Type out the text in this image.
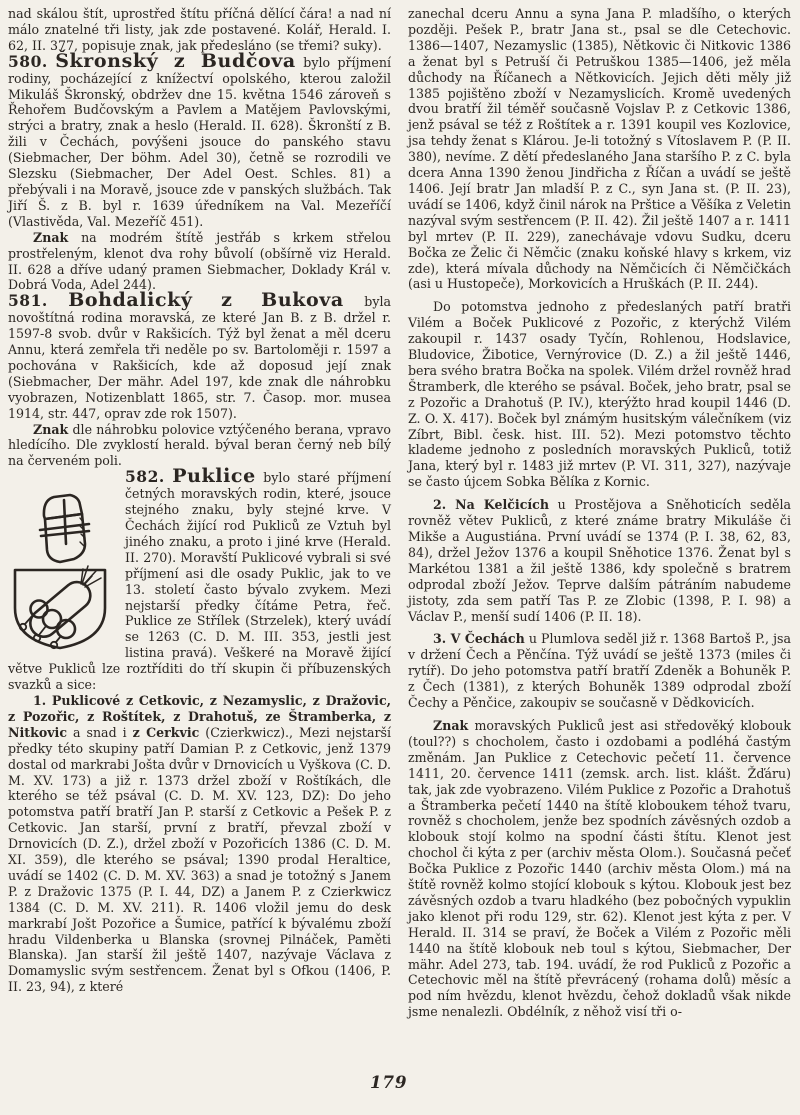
nad skálou štít, uprostřed štítu příčná dělící čára! a nad ní málo znatelné tři listy, jak zde postavené. Kolář, Herald. I. 62, II. 377, popisuje znak, jak předesláno (se třemi? suky).

580. Škronský z Budčova bylo příjmení rodiny, pocházející z knížectví opolského, kterou založil Mikuláš Škronský, obdržev dne 15. května 1546 zároveň s Řehořem Budčovským a Pavlem a Matějem Pavlovskými, strýci a bratry, znak a heslo (Herald. II. 628). Škronští z B. žili v Čechách, povýšeni jsouce do panského stavu (Siebmacher, Der böhm. Adel 30), četně se rozrodili ve Slezsku (Siebmacher, Der Adel Oest. Schles. 81) a přebývali i na Moravě, jsouce zde v panských službách. Tak Jiří Š. z B. byl r. 1639 úředníkem na Val. Mezeříčí (Vlastivěda, Val. Mezeříč 451).

Znak na modrém štítě jestřáb s krkem střelou prostřeleným, klenot dva rohy bůvolí (obšírně viz Herald. II. 628 a dříve udaný pramen Siebmacher, Doklady Král v. Dobrá Voda, Adel 244).

581. Bohdalický z Bukova byla novoštítná rodina moravská, ze které Jan B. z B. držel r. 1597-8 svob. dvůr v Rakšicích. Týž byl ženat a měl dceru Annu, která zemřela tři neděle po sv. Bartoloměji r. 1597 a pochována v Rakšicích, kde až doposud její znak (Siebmacher, Der mähr. Adel 197, kde znak dle náhrobku vyobrazen, Notizenblatt 1865, str. 7. Časop. mor. musea 1914, str. 447, oprav zde rok 1507).

Znak dle náhrobku polovice vztýčeného berana, vpravo hledícího. Dle zvyklostí herald. býval beran černý neb bílý na červeném poli.

582. Puklice
bylo staré příjmení četných moravských rodin, které, jsouce stejného znaku, byly stejné krve. V Čechách žijící rod Pukliců ze Vztuh byl jiného znaku, a proto i jiné krve (Herald. II. 270). Moravští Puklicové vybrali si své příjmení asi dle osady Puklic, jak to ve 13. století často bývalo zvykem. Mezi nejstarší předky čítáme Petra, řeč. Puklice ze Střílek (Strzelek), který uvádí se 1263 (C. D. M. III. 353, jestli jest listina pravá). Veškeré na Moravě žijící větve Pukliců lze roztříditi do tří skupin či příbuzenských svazků a sice:

1. Puklicové z Cetkovic, z Nezamyslic, z Dražovic, z Pozořic, z Roštítek, z Drahotuš, ze Štramberka, z Nitkovic a snad i z Cerkvic (Czierkwicz)., Mezi nejstarší předky této skupiny patří Damian P. z Cetkovic, jenž 1379 dostal od markrabi Jošta dvůr v Drnovicích u Vyškova (C. D. M. XV. 173) a již r. 1373 držel zboží v Roštíkách, dle kterého se též psával (C. D. M. XV. 123, DZ): Do jeho potomstva patří bratří Jan P. starší z Cetkovic a Pešek P. z Cetkovic. Jan starší, první z bratří, převzal zboží v Drnovicích (D. Z.), držel zboží v Pozořicích 1386 (C. D. M. XI. 359), dle kterého se psával; 1390 prodal Heraltice, uvádí se 1402 (C. D. M. XV. 363) a snad je totožný s Janem P. z Dražovic 1375 (P. I. 44, DZ) a Janem P. z Czierkwicz 1384 (C. D. M. XV. 211). R. 1406 vložil jemu do desk markrabí Jošt Pozořice a Šumice, patřící k bývalému zboží hradu Vildenberka u Blanska (srovnej Pilnáček, Paměti Blanska). Jan starší žil ještě 1407, nazývaje Václava z Domamyslic svým sestřencem. Ženat byl s Ofkou (1406, P. II. 23, 94), z které

zanechal dceru Annu a syna Jana P. mladšího, o kterých později. Pešek P., bratr Jana st., psal se dle Cetechovic. 1386—1407, Nezamyslic (1385), Nětkovic či Nitkovic 1386 a ženat byl s Petruší či Petruškou 1385—1406, jež měla důchody na Říčanech a Nětkovicích. Jejich děti měly již 1385 pojištěno zboží v Nezamyslicích. Kromě uvedených dvou bratří žil téměř současně Vojslav P. z Cetkovic 1386, jenž psával se též z Roštítek a r. 1391 koupil ves Kozlovice, jsa tehdy ženat s Klárou. Je-li totožný s Vítoslavem P. (P. II. 380), nevíme. Z dětí předeslaného Jana staršího P. z C. byla dcera Anna 1390 ženou Jindřicha z Říčan a uvádí se ještě 1406. Její bratr Jan mladší P. z C., syn Jana st. (P. II. 23), uvádí se 1406, když činil nárok na Prštice a Věšíka z Veletin nazýval svým sestřencem (P. II. 42). Žil ještě 1407 a r. 1411 byl mrtev (P. II. 229), zanechávaje vdovu Sudku, dceru Bočka ze Želic či Němčic (znaku koňské hlavy s krkem, viz zde), která mívala důchody na Němčicích či Němčičkách (asi u Hustopeče), Morkovicích a Hruškách (P. II. 244).

Do potomstva jednoho z předeslaných patří bratři Vilém a Boček Puklicové z Pozořic, z kterýchž Vilém zakoupil r. 1437 osady Tyčín, Rohlenou, Hodslavice, Bludovice, Žibotice, Vernýrovice (D. Z.) a žil ještě 1446, bera svého bratra Bočka na spolek. Vilém držel rovněž hrad Štramberk, dle kterého se psával. Boček, jeho bratr, psal se z Pozořic a Drahotuš (P. IV.), kterýžto hrad koupil 1446 (D. Z. O. X. 417). Boček byl známým husitským válečníkem (viz Zíbrt, Bibl. česk. hist. III. 52). Mezi potomstvo těchto klademe jednoho z posledních moravských Pukliců, totiž Jana, který byl r. 1483 již mrtev (P. VI. 311, 327), nazývaje se často újcem Sobka Bělíka z Kornic.

2. Na Kelčicích u Prostějova a Sněhoticích seděla rovněž větev Pukliců, z které známe bratry Mikuláše či Mikše a Augustiána. První uvádí se 1374 (P. I. 38, 62, 83, 84), držel Ježov 1376 a koupil Sněhotice 1376. Ženat byl s Markétou 1381 a žil ještě 1386, kdy společně s bratrem odprodal zboží Ježov. Teprve dalším pátráním nabudeme jistoty, zda sem patří Tas P. ze Zlobic (1398, P. I. 98) a Václav P., menší sudí 1406 (P. II. 18).

3. V Čechách u Plumlova seděl již r. 1368 Bartoš P., jsa v držení Čech a Pěnčína. Týž uvádí se ještě 1373 (miles či rytíř). Do jeho potomstva patří bratří Zdeněk a Bohuněk P. z Čech (1381), z kterých Bohuněk 1389 odprodal zboží Čechy a Pěnčice, zakoupiv se současně v Dědkovicích.

Znak moravských Pukliců jest asi středověký klobouk (toul??) s chocholem, často i ozdobami a podléhá častým změnám. Jan Puklice z Cetechovic pečetí 11. července 1411, 20. července 1411 (zemsk. arch. list. klášt. Žďáru) tak, jak zde vyobrazeno. Vilém Puklice z Pozořic a Drahotuš a Štramberka pečetí 1440 na štítě kloboukem téhož tvaru, rovněž s chocholem, jenže bez spodních závěsných ozdob a klobouk stojí kolmo na spodní části štítu. Klenot jest chochol či kýta z per (archiv města Olom.). Současná pečeť Bočka Puklice z Pozořic 1440 (archiv města Olom.) má na štítě rovněž kolmo stojící klobouk s kýtou. Klobouk jest bez závěsných ozdob a tvaru hladkého (bez pobočných vypuklin jako klenot při rodu 129, str. 62). Klenot jest kýta z per. V Herald. II. 314 se praví, že Boček a Vilém z Pozořic měli 1440 na štítě klobouk neb toul s kýtou, Siebmacher, Der mähr. Adel 273, tab. 194. uvádí, že rod Pukliců z Pozořic a Cetechovic měl na štítě převrácený (rohama dolů) měsíc a pod ním hvězdu, klenot hvězdu, čehož dokladů však nikde jsme nenalezli. Obdélník, z něhož visí tři o-

179
